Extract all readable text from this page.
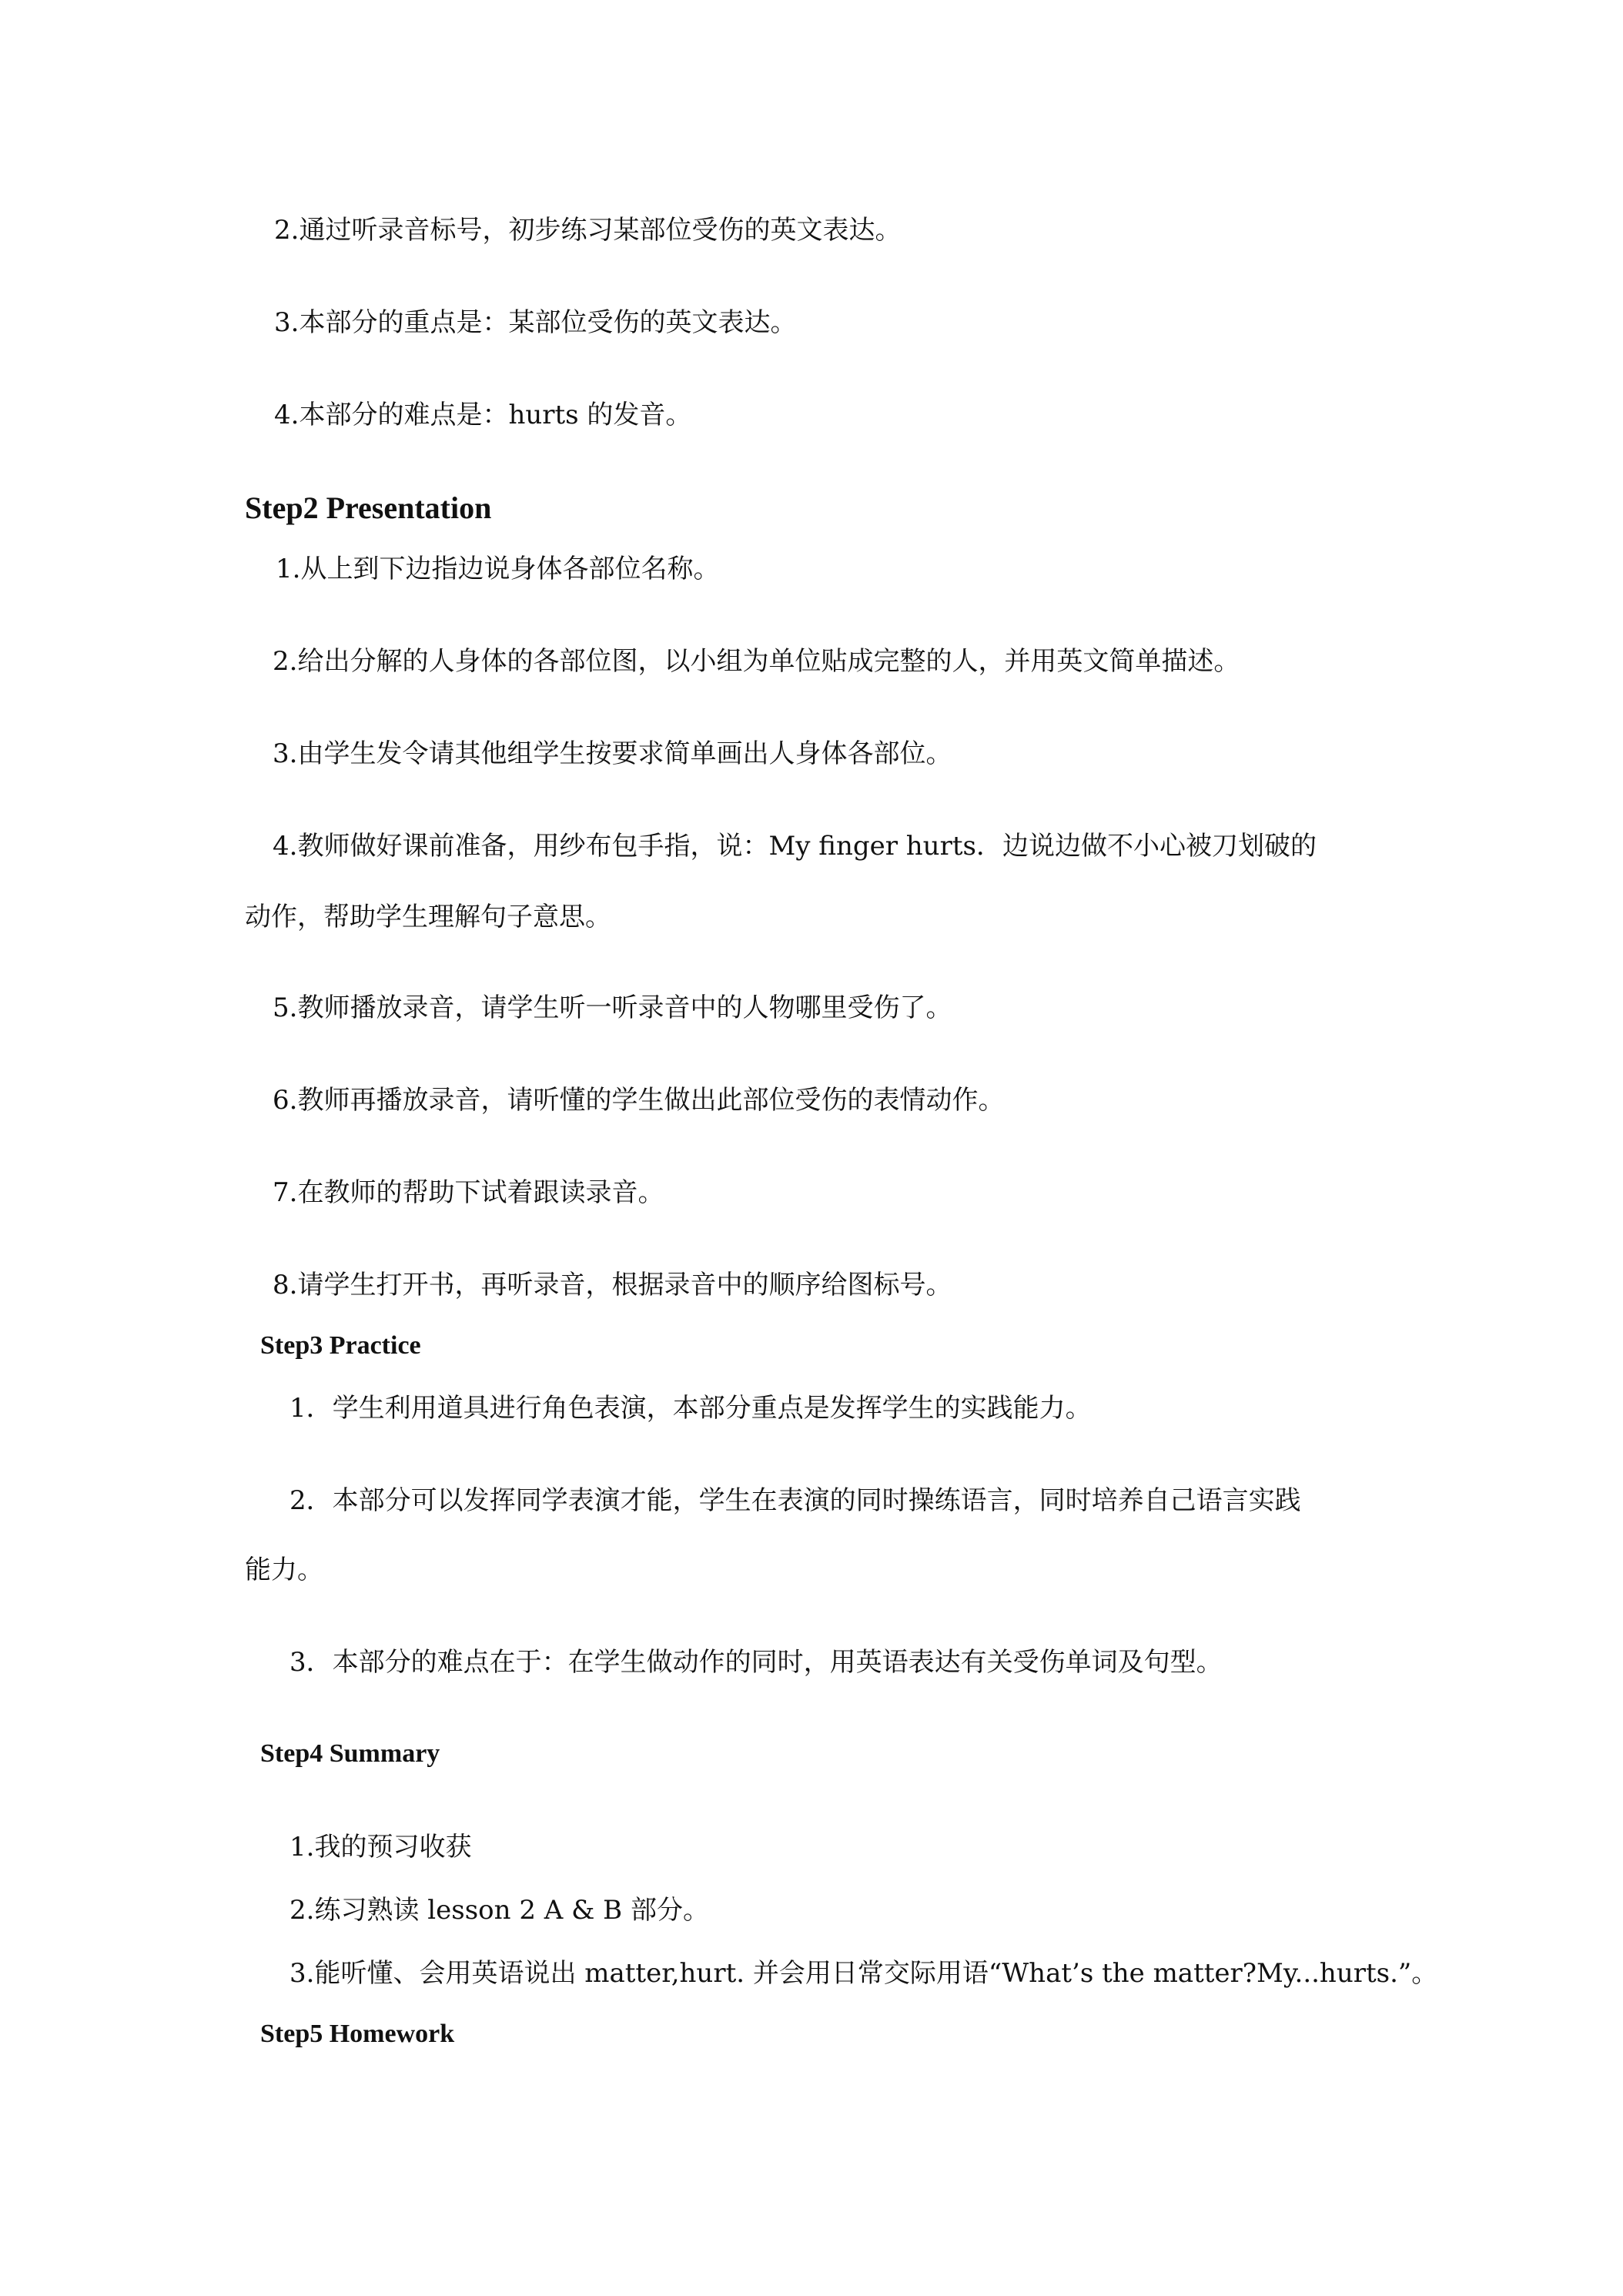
2.通过听录音标号，初步练习某部位受伤的英文表达。
3.本部分的重点是：某部位受伤的英文表达。
4.本部分的难点是：hurts 的发音。
Step2 Presentation
1.从上到下边指边说身体各部位名称。
2.给出分解的人身体的各部位图，以小组为单位贴成完整的人，并用英文简单描述。
3.由学生发令请其他组学生按要求简单画出人身体各部位。
4.教师做好课前准备，用纱布包手指，说：My finger hurts．边说边做不小心被刀划破的
动作，帮助学生理解句子意思。
5.教师播放录音，请学生听一听录音中的人物哪里受伤了。
6.教师再播放录音，请听懂的学生做出此部位受伤的表情动作。
7.在教师的帮助下试着跟读录音。
8.请学生打开书，再听录音，根据录音中的顺序给图标号。
Step3 Practice
1．学生利用道具进行角色表演，本部分重点是发挥学生的实践能力。
2．本部分可以发挥同学表演才能，学生在表演的同时操练语言，同时培养自己语言实践
能力。
3．本部分的难点在于：在学生做动作的同时，用英语表达有关受伤单词及句型。
Step4 Summary
1.我的预习收获
2.练习熟读 lesson 2 A & B 部分。
3.能听懂、会用英语说出 matter,hurt. 并会用日常交际用语“What’s the matter?My...hurts.”。
Step5 Homework
